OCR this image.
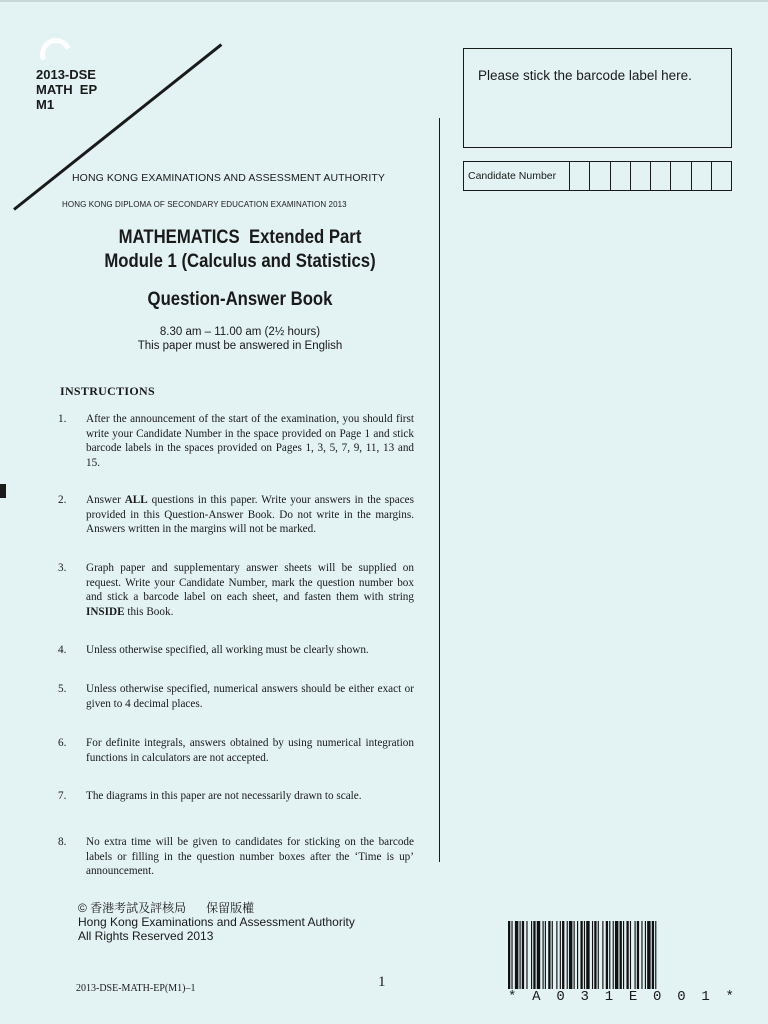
2013-DSE
MATH  EP
M1
HONG KONG EXAMINATIONS AND ASSESSMENT AUTHORITY
HONG KONG DIPLOMA OF SECONDARY EDUCATION EXAMINATION 2013
MATHEMATICS  Extended Part
Module 1 (Calculus and Statistics)
Question-Answer Book
8.30 am – 11.00 am (2½ hours)
This paper must be answered in English
INSTRUCTIONS
1. After the announcement of the start of the examination, you should first write your Candidate Number in the space provided on Page 1 and stick barcode labels in the spaces provided on Pages 1, 3, 5, 7, 9, 11, 13 and 15.
2. Answer ALL questions in this paper. Write your answers in the spaces provided in this Question-Answer Book. Do not write in the margins. Answers written in the margins will not be marked.
3. Graph paper and supplementary answer sheets will be supplied on request. Write your Candidate Number, mark the question number box and stick a barcode label on each sheet, and fasten them with string INSIDE this Book.
4. Unless otherwise specified, all working must be clearly shown.
5. Unless otherwise specified, numerical answers should be either exact or given to 4 decimal places.
6. For definite integrals, answers obtained by using numerical integration functions in calculators are not accepted.
7. The diagrams in this paper are not necessarily drawn to scale.
8. No extra time will be given to candidates for sticking on the barcode labels or filling in the question number boxes after the ‘Time is up’ announcement.
Please stick the barcode label here.
Candidate Number
© 香港考試及評核局      保留版權
Hong Kong Examinations and Assessment Authority
All Rights Reserved 2013
2013-DSE-MATH-EP(M1)–1	1
* A 0 3 1 E 0 0 1 *
